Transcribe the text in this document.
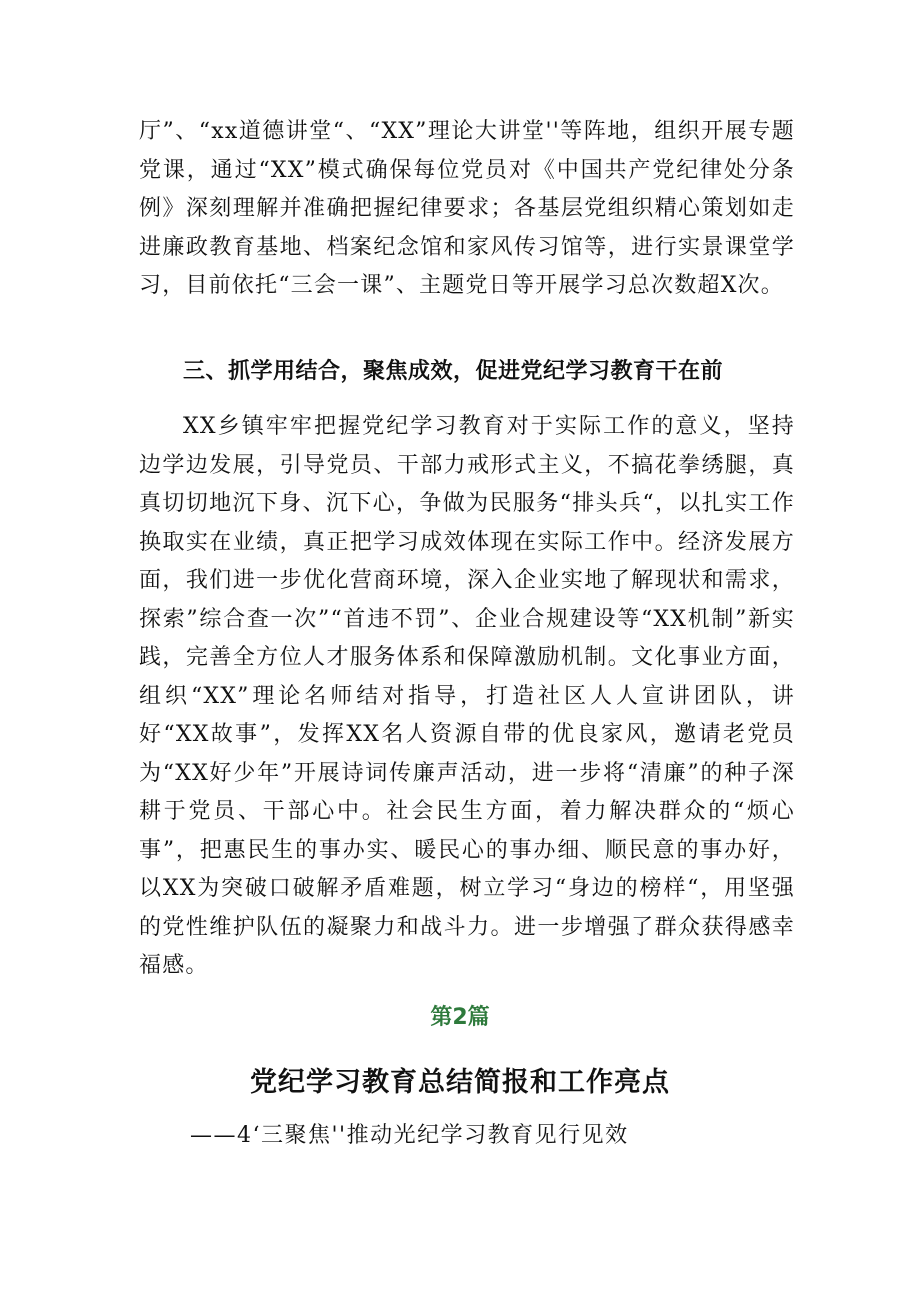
厅”、“xx道德讲堂“、“XX”理论大讲堂''等阵地，组织开展专题党课，通过“XX”模式确保每位党员对《中国共产党纪律处分条例》深刻理解并准确把握纪律要求；各基层党组织精心策划如走进廉政教育基地、档案纪念馆和家风传习馆等，进行实景课堂学习，目前依托“三会一课”、主题党日等开展学习总次数超X次。

三、抓学用结合，聚焦成效，促进党纪学习教育干在前

XX乡镇牢牢把握党纪学习教育对于实际工作的意义，坚持边学边发展，引导党员、干部力戒形式主义，不搞花拳绣腿，真真切切地沉下身、沉下心，争做为民服务“排头兵“，以扎实工作换取实在业绩，真正把学习成效体现在实际工作中。经济发展方面，我们进一步优化营商环境，深入企业实地了解现状和需求，探索”综合查一次”“首违不罚”、企业合规建设等“XX机制”新实践，完善全方位人才服务体系和保障激励机制。文化事业方面，组织“XX”理论名师结对指导，打造社区人人宣讲团队，讲好“XX故事”，发挥XX名人资源自带的优良家风，邀请老党员为“XX好少年”开展诗词传廉声活动，进一步将“清廉”的种子深耕于党员、干部心中。社会民生方面，着力解决群众的“烦心事”，把惠民生的事办实、暖民心的事办细、顺民意的事办好，以XX为突破口破解矛盾难题，树立学习“身边的榜样“，用坚强的党性维护队伍的凝聚力和战斗力。进一步增强了群众获得感幸福感。

第2篇
党纪学习教育总结简报和工作亮点
——4‘三聚焦''推动光纪学习教育见行见效
